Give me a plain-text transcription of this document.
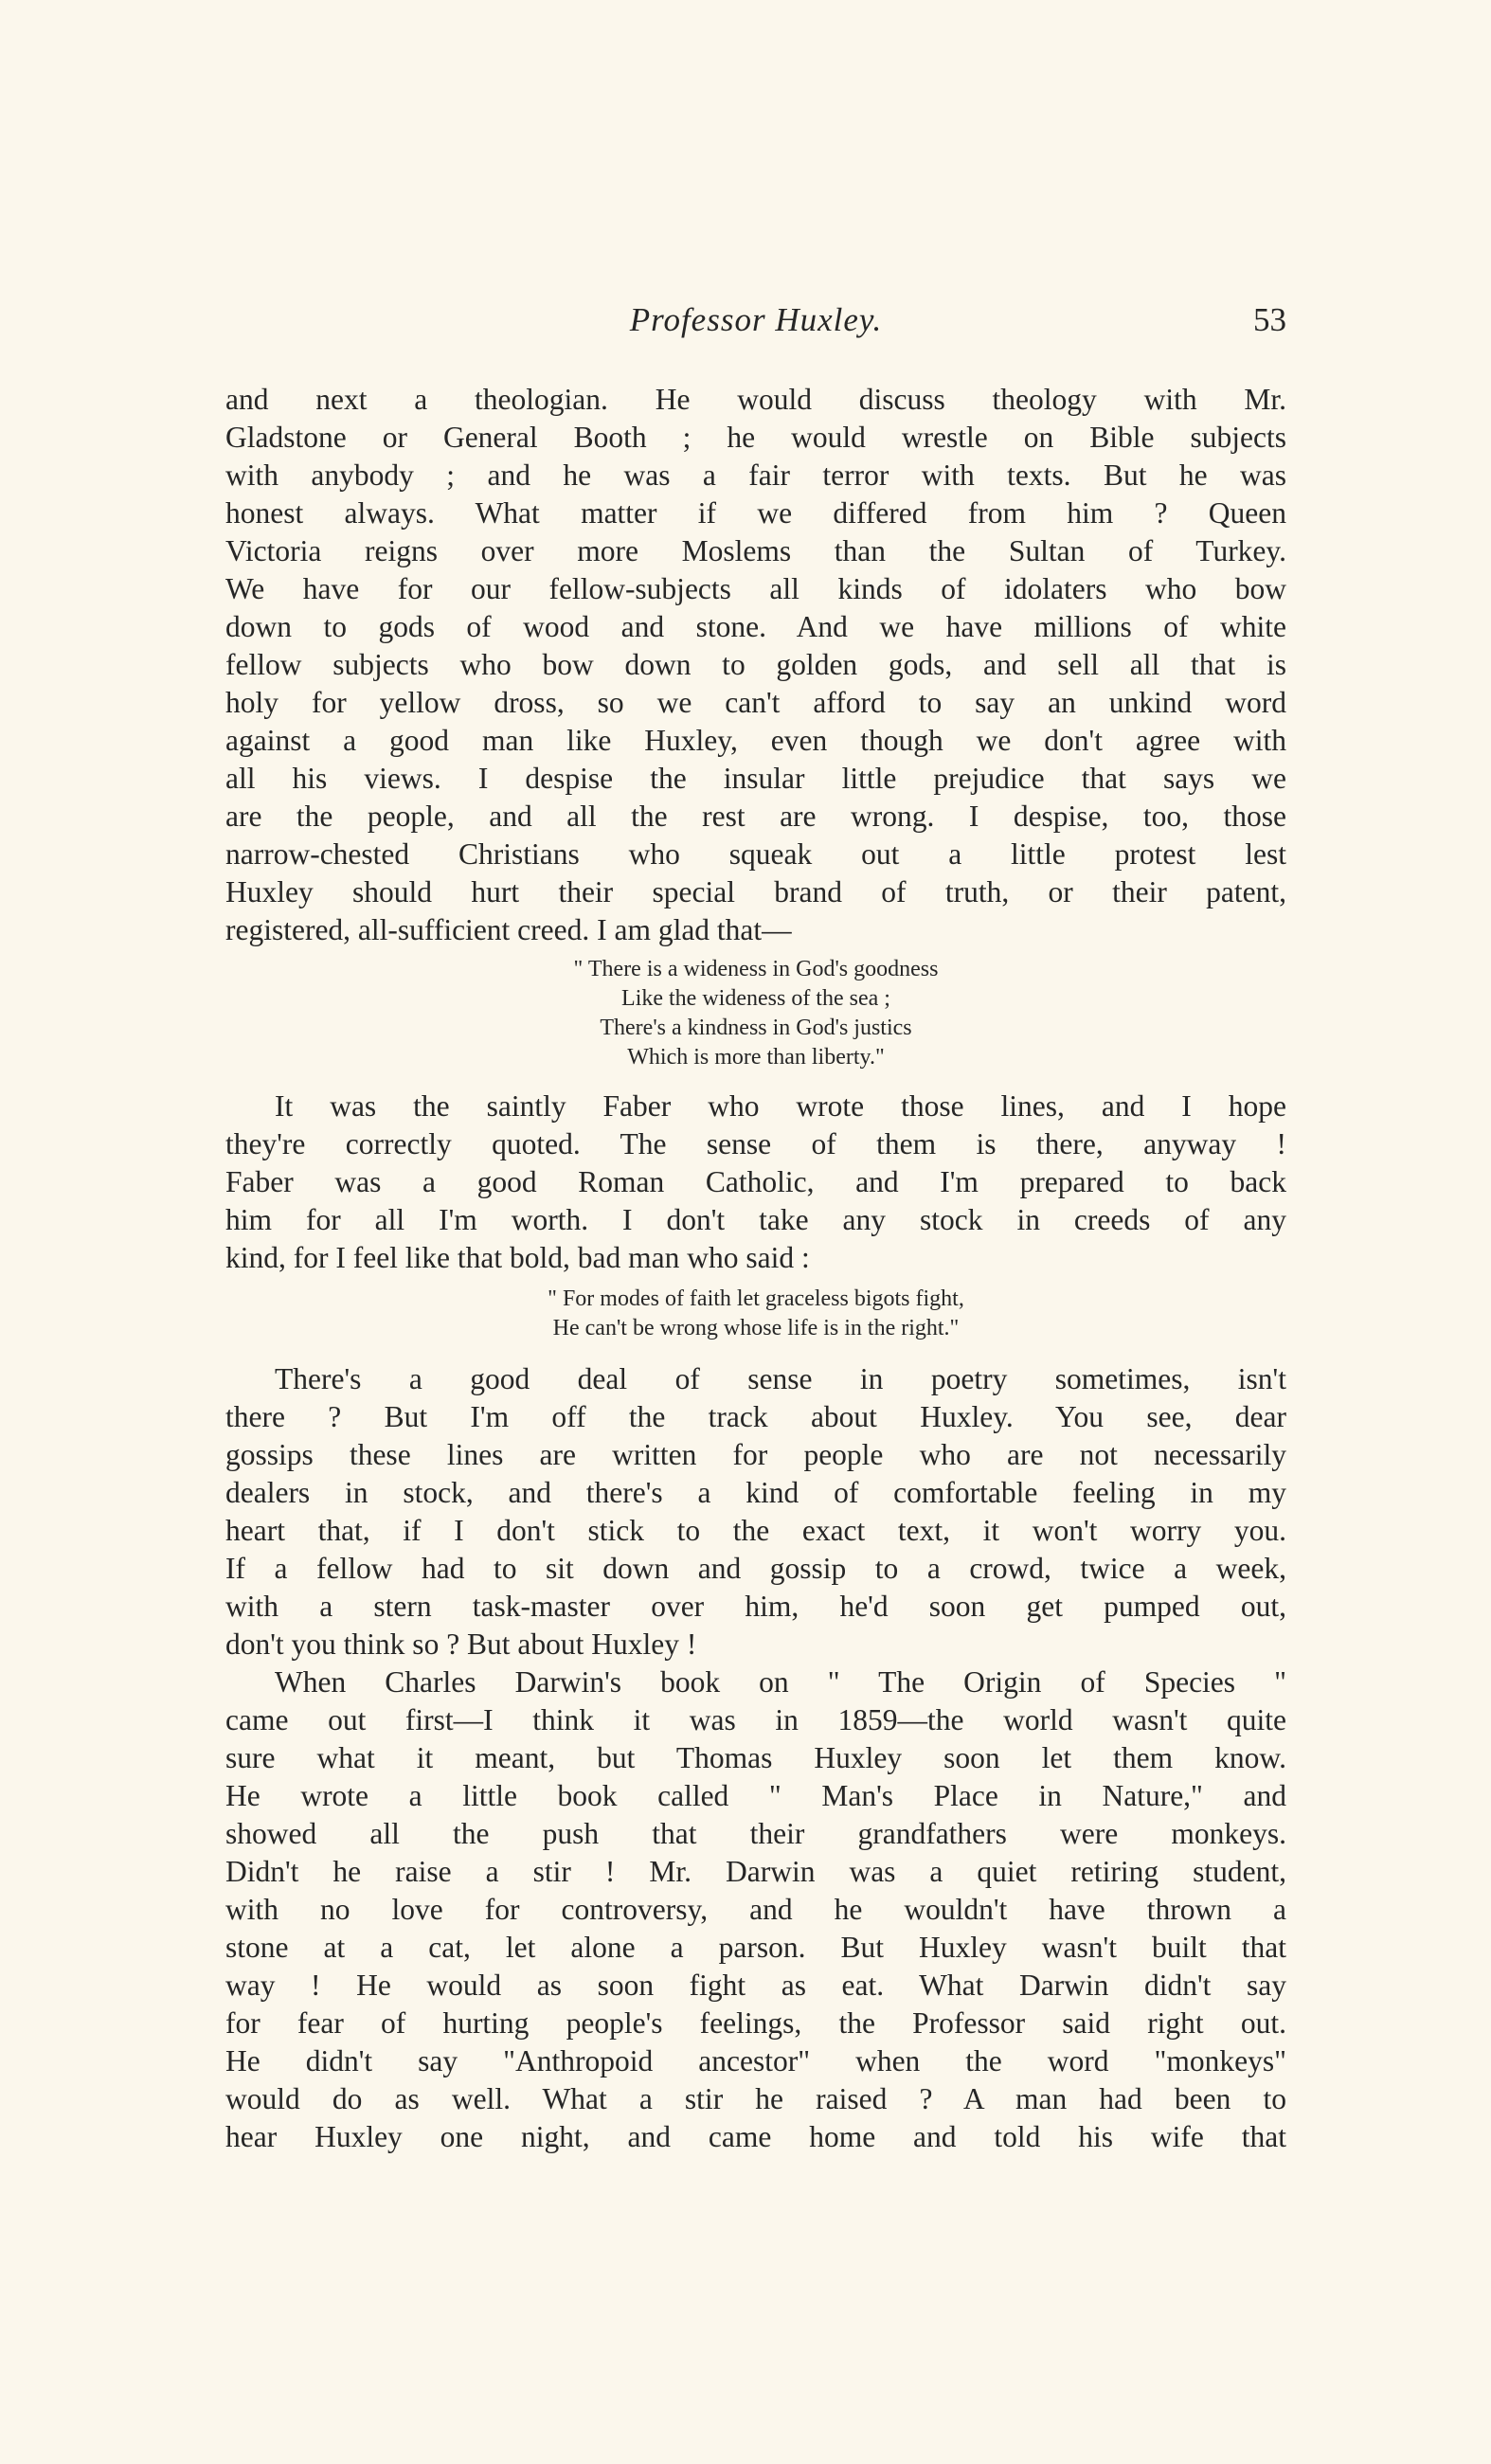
Professor Huxley.	53
and next a theologian. He would discuss theology with Mr.
Gladstone or General Booth ; he would wrestle on Bible subjects
with anybody ; and he was a fair terror with texts. But he was
honest always. What matter if we differed from him ? Queen
Victoria reigns over more Moslems than the Sultan of Turkey.
We have for our fellow-subjects all kinds of idolaters who bow
down to gods of wood and stone. And we have millions of white
fellow subjects who bow down to golden gods, and sell all that is
holy for yellow dross, so we can't afford to say an unkind word
against a good man like Huxley, even though we don't agree with
all his views. I despise the insular little prejudice that says we
are the people, and all the rest are wrong. I despise, too, those
narrow-chested Christians who squeak out a little protest lest
Huxley should hurt their special brand of truth, or their patent,
registered, all-sufficient creed. I am glad that—
" There is a wideness in God's goodness
Like the wideness of the sea ;
There's a kindness in God's justics
Which is more than liberty."
It was the saintly Faber who wrote those lines, and I hope
they're correctly quoted. The sense of them is there, anyway !
Faber was a good Roman Catholic, and I'm prepared to back
him for all I'm worth. I don't take any stock in creeds of any
kind, for I feel like that bold, bad man who said :
" For modes of faith let graceless bigots fight,
He can't be wrong whose life is in the right."
There's a good deal of sense in poetry sometimes, isn't
there ? But I'm off the track about Huxley. You see, dear
gossips these lines are written for people who are not necessarily
dealers in stock, and there's a kind of comfortable feeling in my
heart that, if I don't stick to the exact text, it won't worry you.
If a fellow had to sit down and gossip to a crowd, twice a week,
with a stern task-master over him, he'd soon get pumped out,
don't you think so ? But about Huxley !
When Charles Darwin's book on " The Origin of Species "
came out first—I think it was in 1859—the world wasn't quite
sure what it meant, but Thomas Huxley soon let them know.
He wrote a little book called " Man's Place in Nature," and
showed all the push that their grandfathers were monkeys.
Didn't he raise a stir ! Mr. Darwin was a quiet retiring student,
with no love for controversy, and he wouldn't have thrown a
stone at a cat, let alone a parson. But Huxley wasn't built that
way ! He would as soon fight as eat. What Darwin didn't say
for fear of hurting people's feelings, the Professor said right out.
He didn't say "Anthropoid ancestor" when the word "monkeys"
would do as well. What a stir he raised ? A man had been to
hear Huxley one night, and came home and told his wife that
